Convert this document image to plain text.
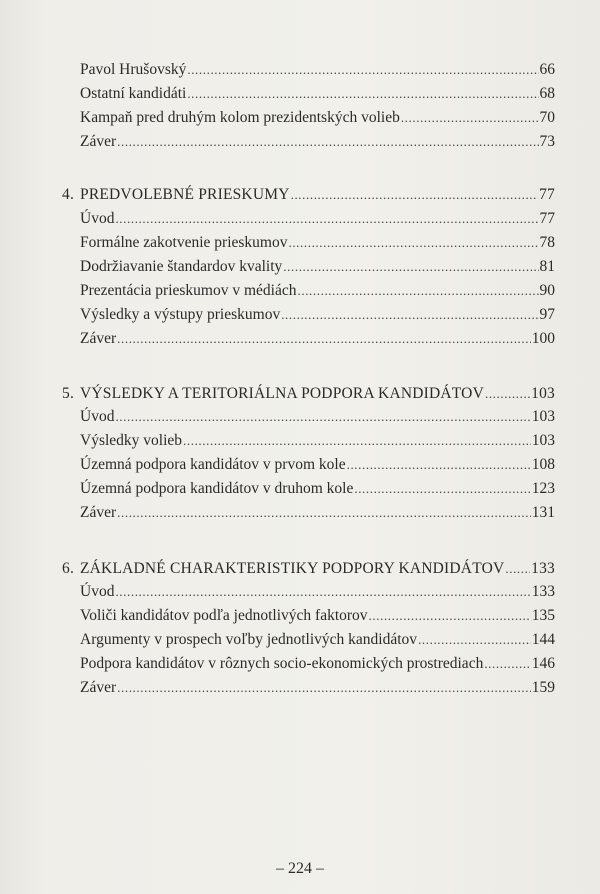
Pavol Hrušovský .....	66
Ostatní kandidáti .....	68
Kampaň pred druhým kolom prezidentských volieb .....	70
Záver .....	73
4. PREDVOLEBNÉ PRIESKUMY .....	77
Úvod .....	77
Formálne zakotvenie prieskumov .....	78
Dodržiavanie štandardov kvality .....	81
Prezentácia prieskumov v médiách .....	90
Výsledky a výstupy prieskumov .....	97
Záver .....	100
5. VÝSLEDKY A TERITORIÁLNA PODPORA KANDIDÁTOV .....	103
Úvod .....	103
Výsledky volieb .....	103
Územná podpora kandidátov v prvom kole .....	108
Územná podpora kandidátov v druhom kole .....	123
Záver .....	131
6. ZÁKLADNÉ CHARAKTERISTIKY PODPORY KANDIDÁTOV ..... 133
Úvod .....	133
Voliči kandidátov podľa jednotlivých faktorov .....	135
Argumenty v prospech voľby jednotlivých kandidátov .....	144
Podpora kandidátov v rôznych socio-ekonomických prostrediach .....	146
Záver .....	159
– 224 –
